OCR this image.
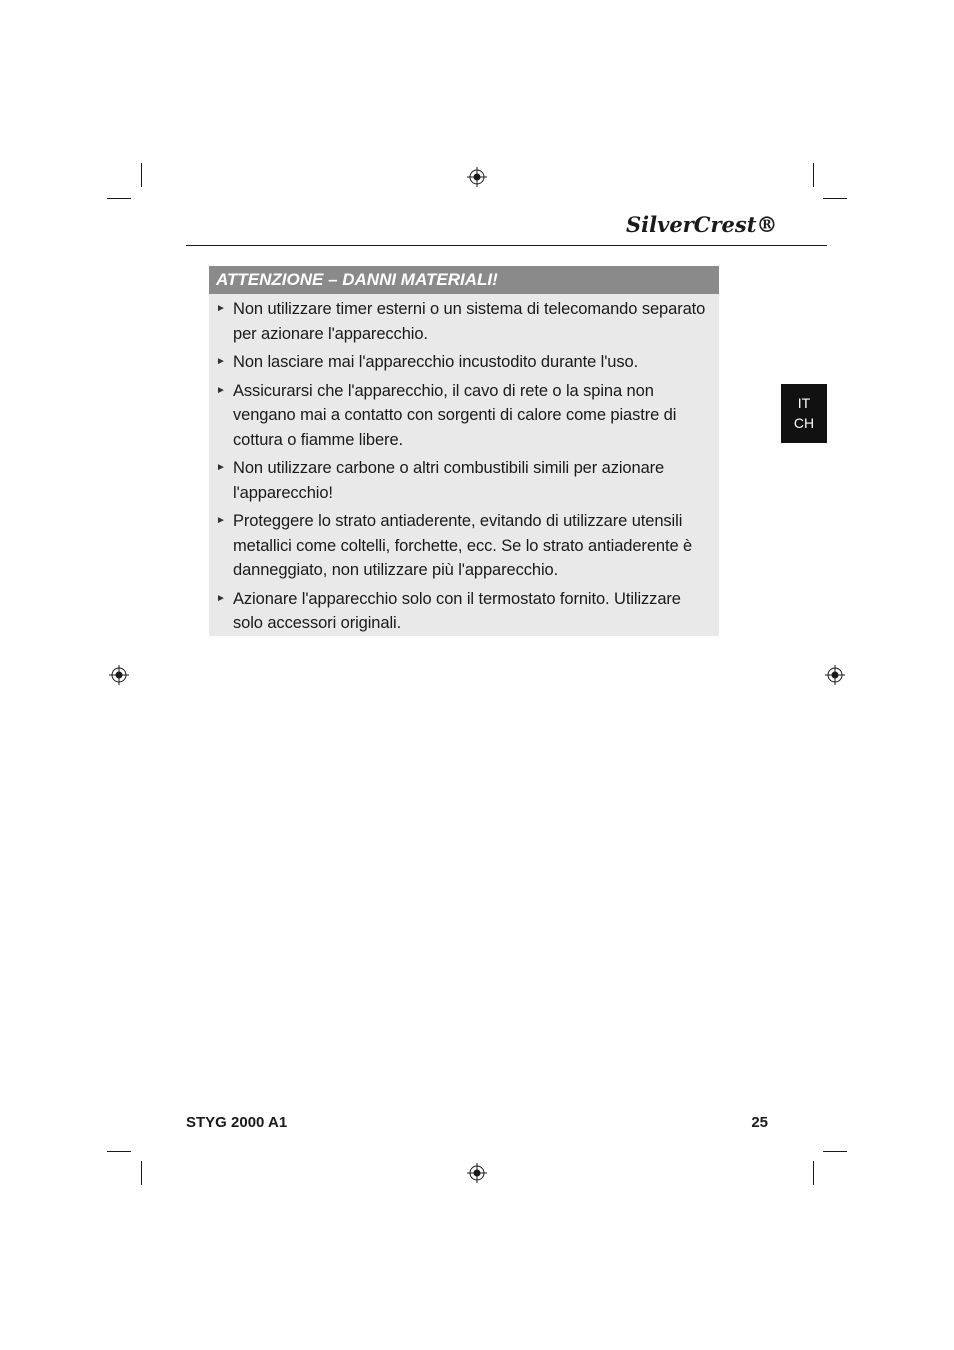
SilverCrest®
IT
CH
ATTENZIONE – DANNI MATERIALI!
► Non utilizzare timer esterni o un sistema di telecomando separato per azionare l'apparecchio.
► Non lasciare mai l'apparecchio incustodito durante l'uso.
► Assicurarsi che l'apparecchio, il cavo di rete o la spina non vengano mai a contatto con sorgenti di calore come piastre di cottura o fiamme libere.
► Non utilizzare carbone o altri combustibili simili per azionare l'apparecchio!
► Proteggere lo strato antiaderente, evitando di utilizzare utensili metallici come coltelli, forchette, ecc. Se lo strato antiaderente è danneggiato, non utilizzare più l'apparecchio.
► Azionare l'apparecchio solo con il termostato fornito. Utilizzare solo accessori originali.
STYG 2000 A1	25
